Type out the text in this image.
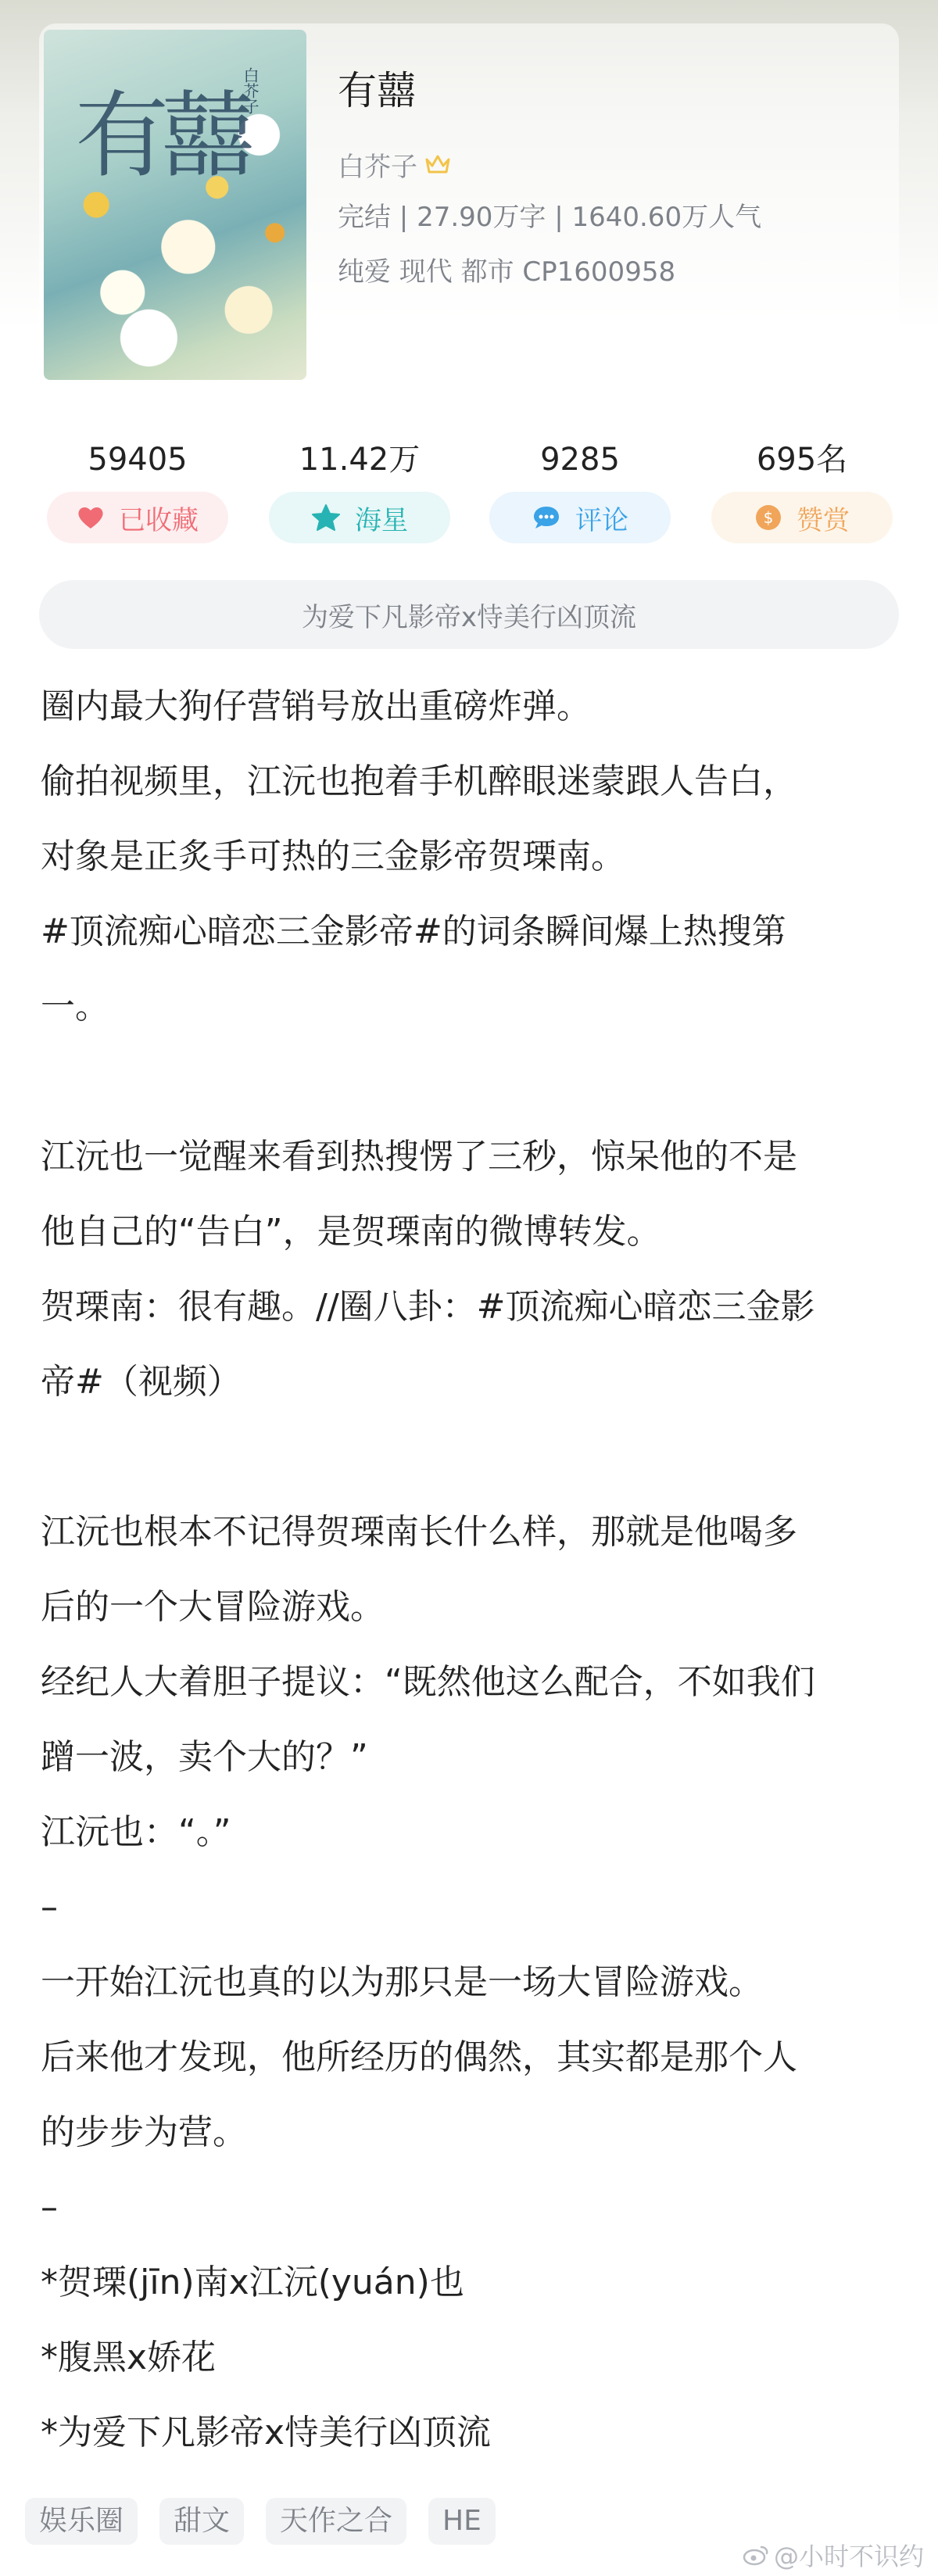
有囍
白芥子 有囍
白芥子
完结 | 27.90万字 | 1640.60万人气
纯爱 现代 都市 CP1600958
59405
已收藏
11.42万
海星
9285
评论
695名
$ 赞赏
为爱下凡影帝x恃美行凶顶流
圈内最大狗仔营销号放出重磅炸弹。
偷拍视频里，江沅也抱着手机醉眼迷蒙跟人告白，
对象是正炙手可热的三金影帝贺瑮南。
#顶流痴心暗恋三金影帝#的词条瞬间爆上热搜第
一。
江沅也一觉醒来看到热搜愣了三秒，惊呆他的不是
他自己的“告白”，是贺瑮南的微博转发。
贺瑮南：很有趣。//圈八卦：#顶流痴心暗恋三金影
帝#（视频）
江沅也根本不记得贺瑮南长什么样，那就是他喝多
后的一个大冒险游戏。
经纪人大着胆子提议：“既然他这么配合，不如我们
蹭一波，卖个大的？”
江沅也：“。”
–
一开始江沅也真的以为那只是一场大冒险游戏。
后来他才发现，他所经历的偶然，其实都是那个人
的步步为营。
–
*贺瑮(jīn)南x江沅(yuán)也
*腹黑x娇花
*为爱下凡影帝x恃美行凶顶流
娱乐圈	甜文	天作之合	HE
@小时不识约
